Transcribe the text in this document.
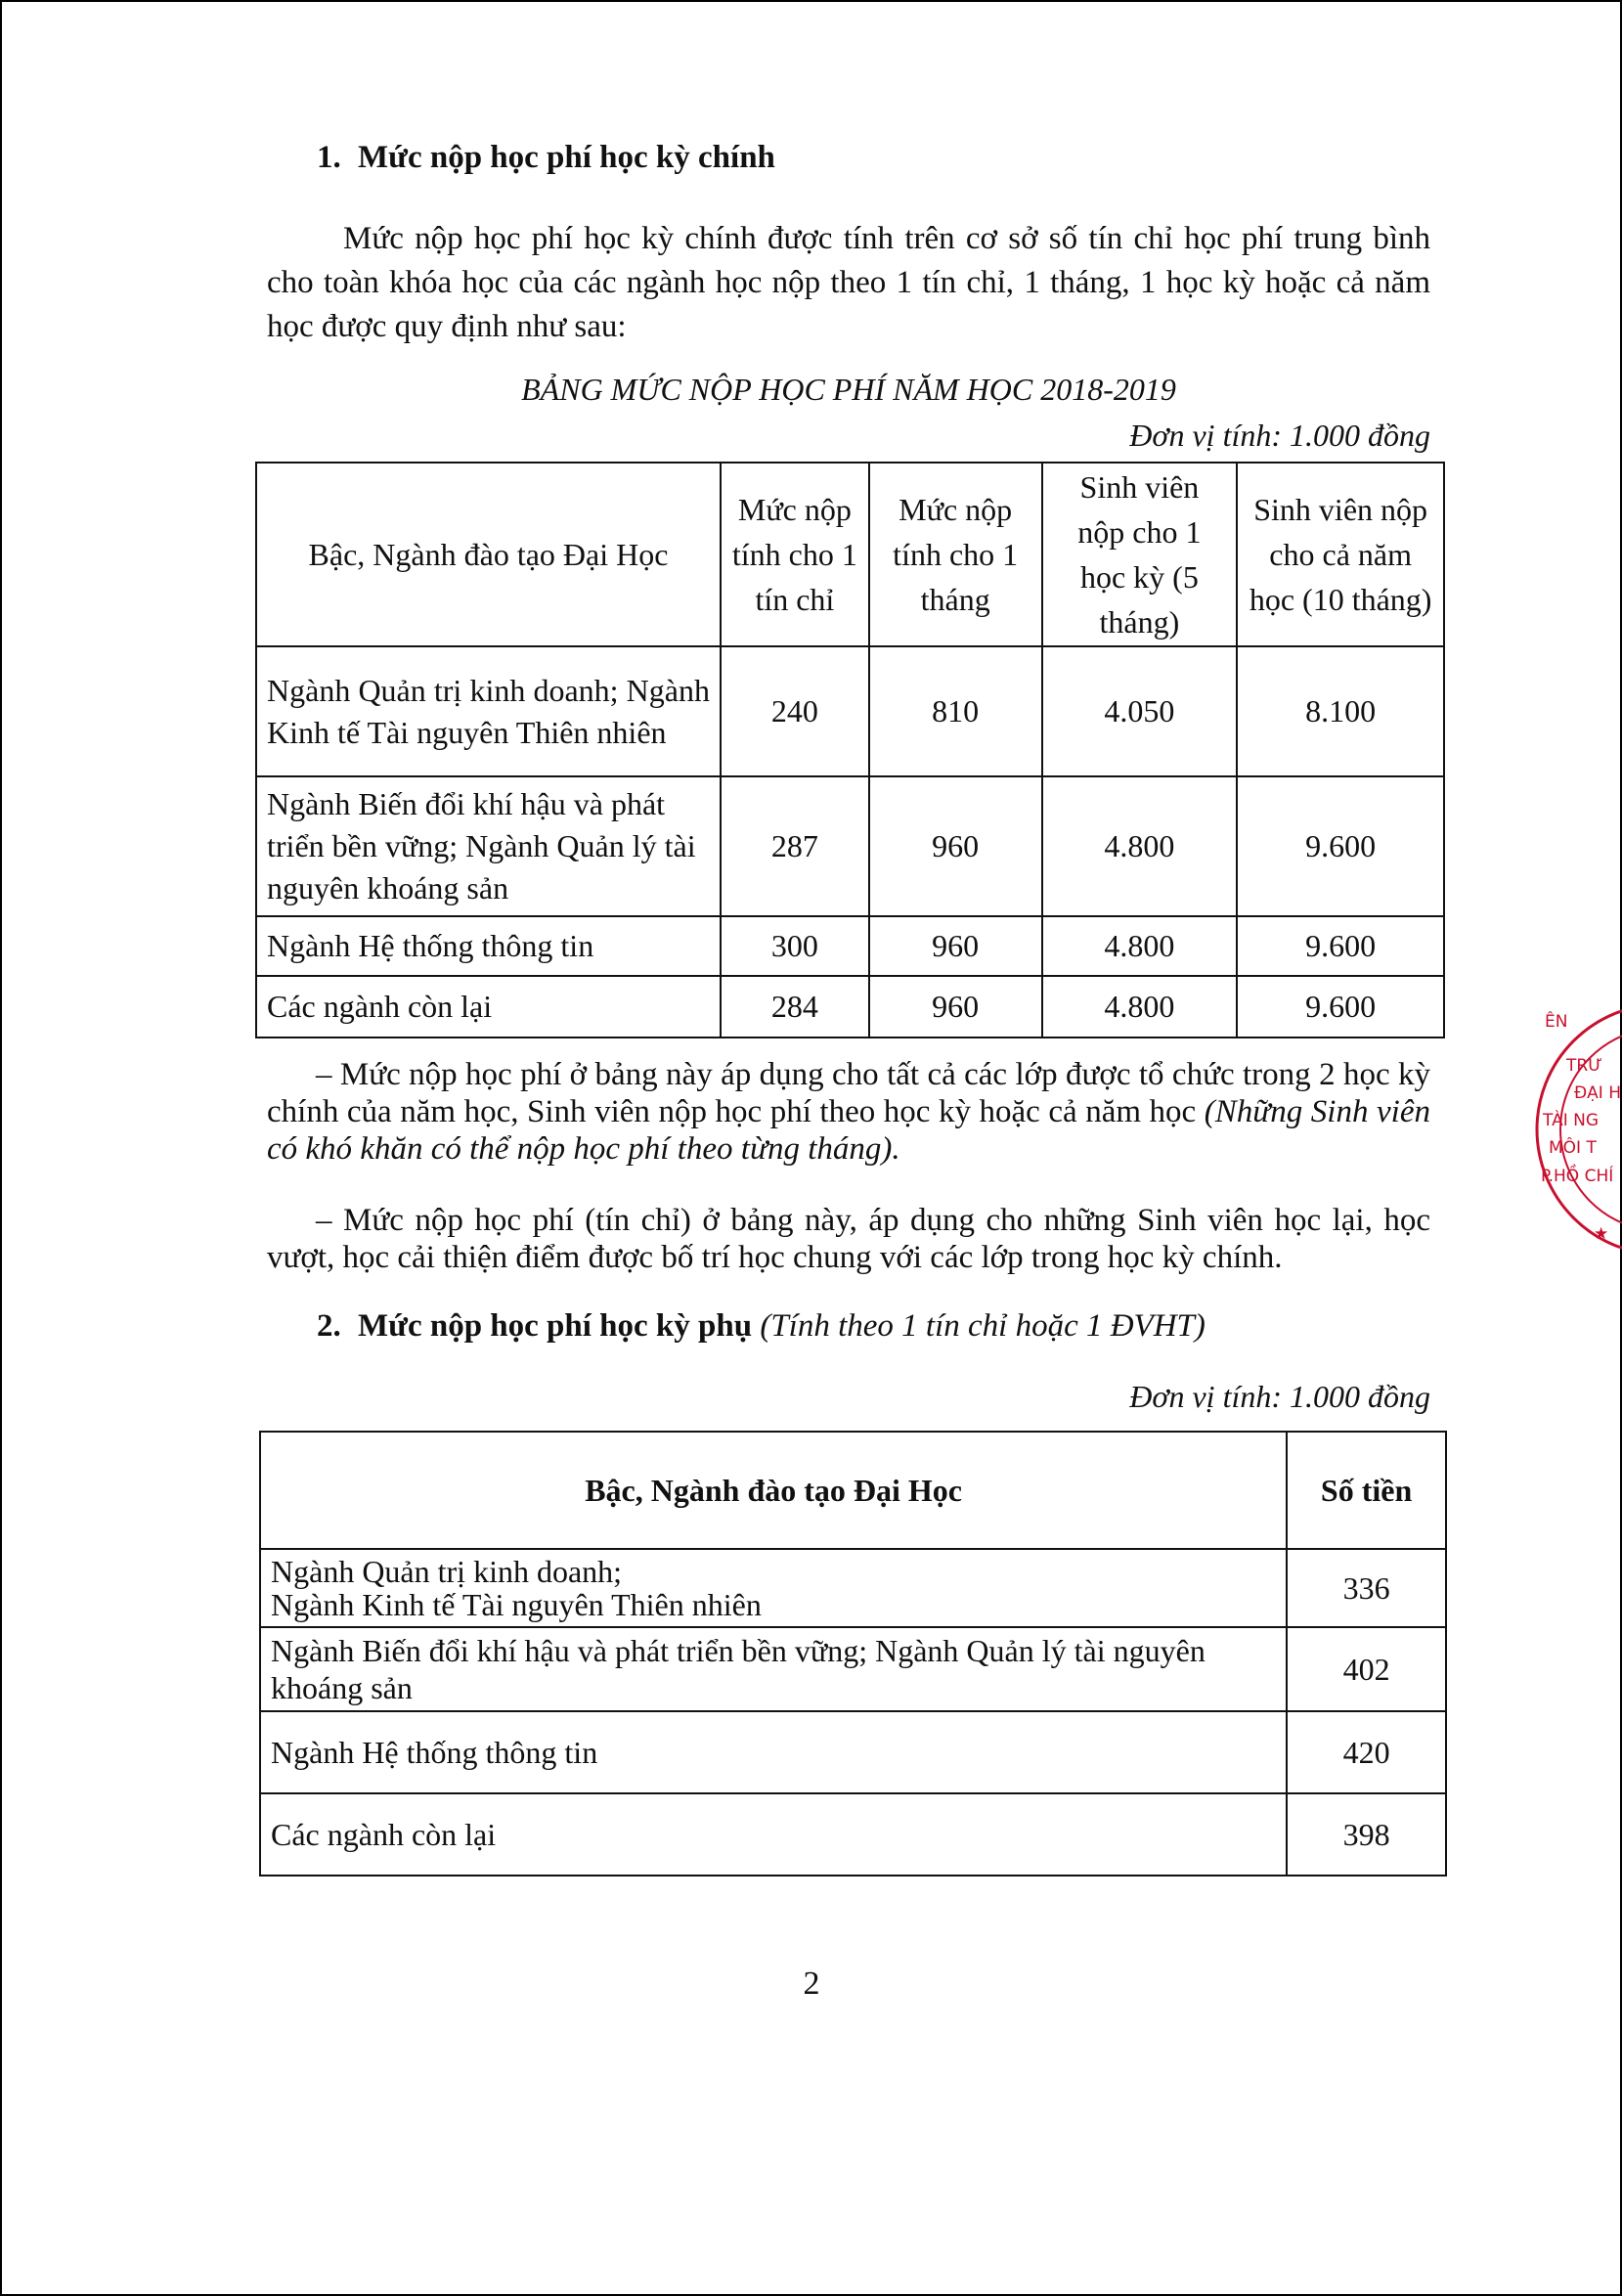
1. Mức nộp học phí học kỳ chính
Mức nộp học phí học kỳ chính được tính trên cơ sở số tín chỉ học phí trung bình cho toàn khóa học của các ngành học nộp theo 1 tín chỉ, 1 tháng, 1 học kỳ hoặc cả năm học được quy định như sau:
BẢNG MỨC NỘP HỌC PHÍ NĂM HỌC 2018-2019
Đơn vị tính: 1.000 đồng
Bậc, Ngành đào tạo Đại Học	Mức nộp tính cho 1 tín chỉ	Mức nộp tính cho 1 tháng	Sinh viên nộp cho 1 học kỳ (5 tháng)	Sinh viên nộp cho cả năm học (10 tháng)
Ngành Quản trị kinh doanh; Ngành Kinh tế Tài nguyên Thiên nhiên	240	810	4.050	8.100
Ngành Biến đổi khí hậu và phát triển bền vững; Ngành Quản lý tài nguyên khoáng sản	287	960	4.800	9.600
Ngành Hệ thống thông tin	300	960	4.800	9.600
Các ngành còn lại	284	960	4.800	9.600
– Mức nộp học phí ở bảng này áp dụng cho tất cả các lớp được tổ chức trong 2 học kỳ chính của năm học, Sinh viên nộp học phí theo học kỳ hoặc cả năm học (Những Sinh viên có khó khăn có thể nộp học phí theo từng tháng).
– Mức nộp học phí (tín chỉ) ở bảng này, áp dụng cho những Sinh viên học lại, học vượt, học cải thiện điểm được bố trí học chung với các lớp trong học kỳ chính.
2. Mức nộp học phí học kỳ phụ (Tính theo 1 tín chỉ hoặc 1 ĐVHT)
Đơn vị tính: 1.000 đồng
Bậc, Ngành đào tạo Đại Học	Số tiền

Ngành Quản trị kinh doanh;
Ngành Kinh tế Tài nguyên Thiên nhiên	336

Ngành Biến đổi khí hậu và phát triển bền vững; Ngành Quản lý tài nguyên
khoáng sản	402
Ngành Hệ thống thông tin	420
Các ngành còn lại	398
2
ÊN
TRƯ
ĐẠI H
TÀI NG
MÔI T
P.HỒ CHÍ
★
